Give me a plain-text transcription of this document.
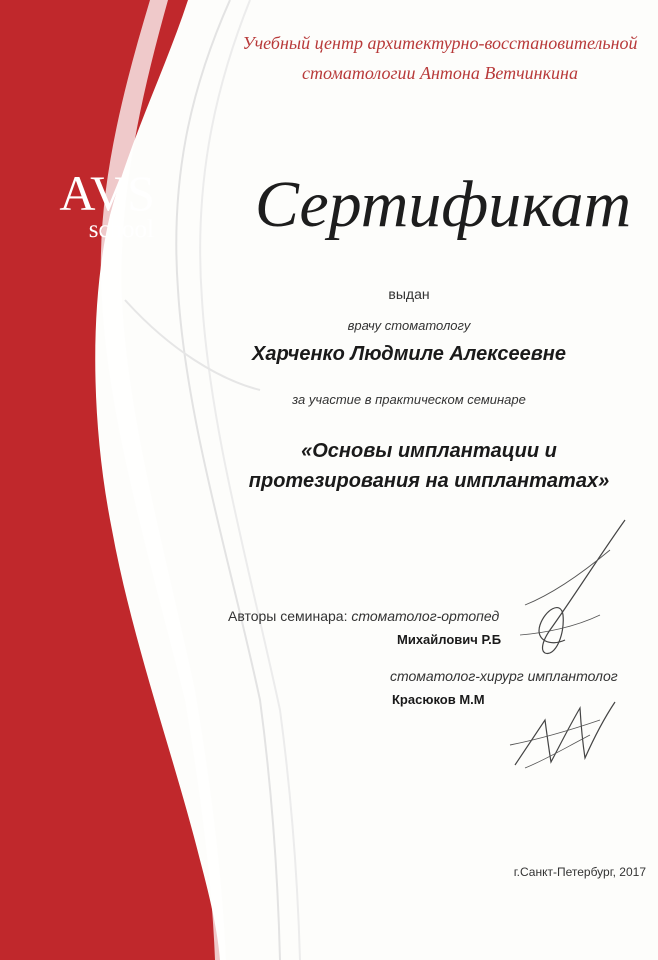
AVS
school
Учебный центр архитектурно-восстановительной
стоматологии Антона Ветчинкина
Сертификат
выдан
врачу стоматологу
Харченко Людмиле Алексеевне
за участие в практическом семинаре
«Основы имплантации и
протезирования на имплантатах»
Авторы семинара: стоматолог-ортопед
Михайлович Р.Б
стоматолог-хирург имплантолог
Красюков М.М
г.Санкт-Петербург, 2017
